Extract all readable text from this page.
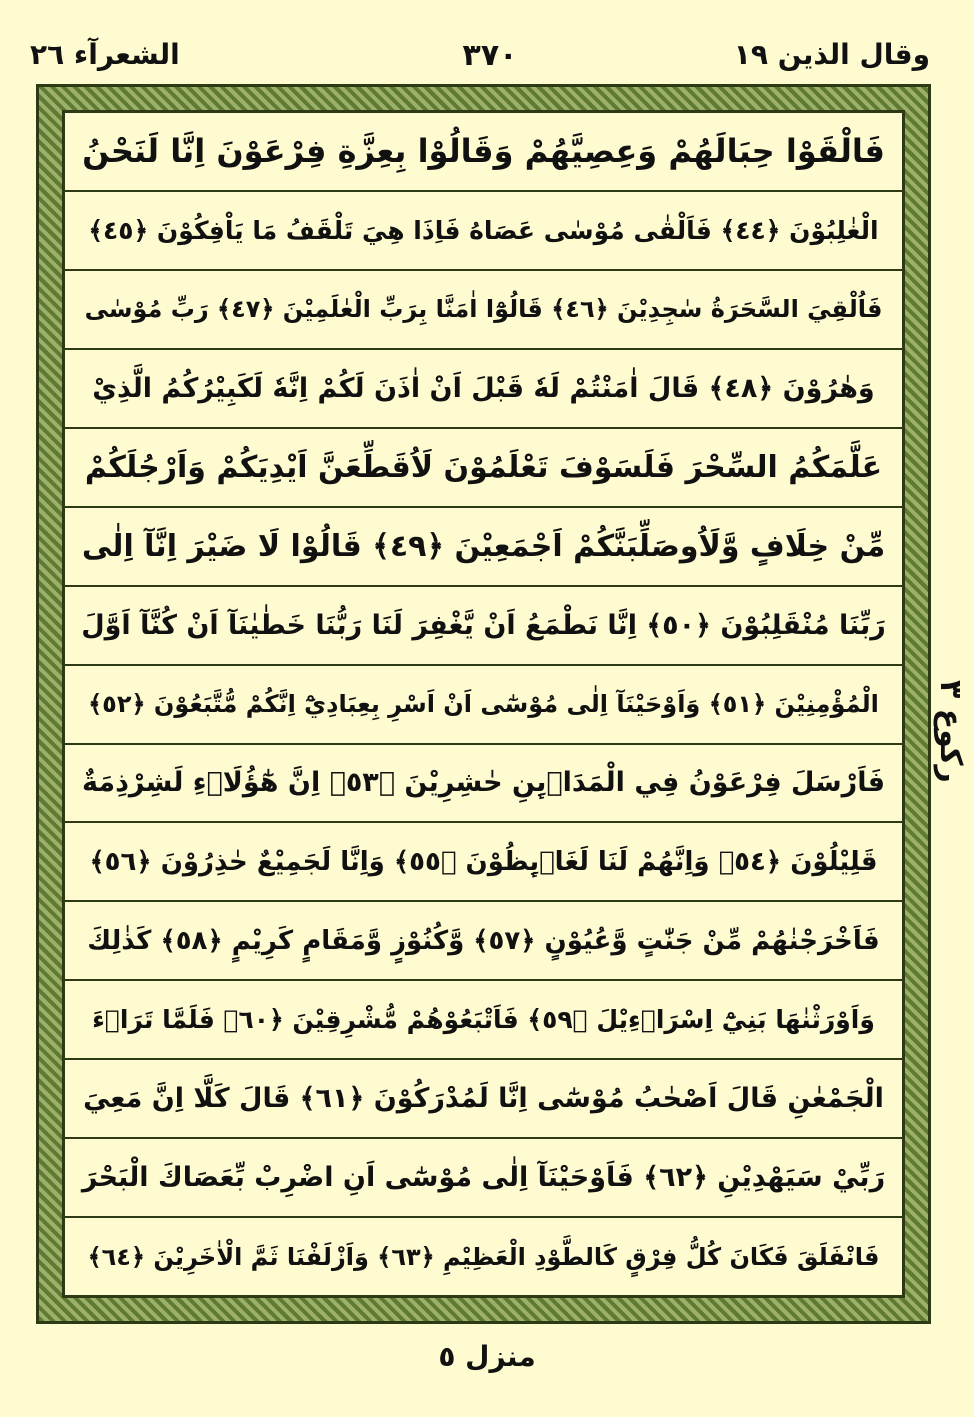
وقال الذين ١٩
٣٧٠
الشعرآء ٢٦
فَالْقَوْا حِبَالَهُمْ وَعِصِيَّهُمْ وَقَالُوْا بِعِزَّةِ فِرْعَوْنَ اِنَّا لَنَحْنُ
الْغٰلِبُوْنَ ﴿٤٤﴾ فَاَلْقٰى مُوْسٰى عَصَاهُ فَاِذَا هِيَ تَلْقَفُ مَا يَاْفِكُوْنَ ﴿٤٥﴾
فَاُلْقِيَ السَّحَرَةُ سٰجِدِيْنَ ﴿٤٦﴾ قَالُوْٓا اٰمَنَّا بِرَبِّ الْعٰلَمِيْنَ ﴿٤٧﴾ رَبِّ مُوْسٰى
وَهٰرُوْنَ ﴿٤٨﴾ قَالَ اٰمَنْتُمْ لَهٗ قَبْلَ اَنْ اٰذَنَ لَكُمْ اِنَّهٗ لَكَبِيْرُكُمُ الَّذِيْ
عَلَّمَكُمُ السِّحْرَ فَلَسَوْفَ تَعْلَمُوْنَ لَاُقَطِّعَنَّ اَيْدِيَكُمْ وَاَرْجُلَكُمْ
مِّنْ خِلَافٍ وَّلَاُوصَلِّبَنَّكُمْ اَجْمَعِيْنَ ﴿٤٩﴾ قَالُوْا لَا ضَيْرَ اِنَّآ اِلٰى
رَبِّنَا مُنْقَلِبُوْنَ ﴿٥٠﴾ اِنَّا نَطْمَعُ اَنْ يَّغْفِرَ لَنَا رَبُّنَا خَطٰيٰنَآ اَنْ كُنَّآ اَوَّلَ
الْمُؤْمِنِيْنَ ﴿٥١﴾ وَاَوْحَيْنَآ اِلٰى مُوْسٰٓى اَنْ اَسْرِ بِعِبَادِيْٓ اِنَّكُمْ مُّتَّبَعُوْنَ ﴿٥٢﴾
فَاَرْسَلَ فِرْعَوْنُ فِي الْمَدَاۗىِٕنِ حٰشِرِيْنَ ﴿٥٣﴾ اِنَّ هٰٓؤُلَاۗءِ لَشِرْذِمَةٌ
قَلِيْلُوْنَ ﴿٥٤﴾ وَاِنَّهُمْ لَنَا لَغَاۗىِٕظُوْنَ ﴿٥٥﴾ وَاِنَّا لَجَمِيْعٌ حٰذِرُوْنَ ﴿٥٦﴾
فَاَخْرَجْنٰهُمْ مِّنْ جَنّٰتٍ وَّعُيُوْنٍ ﴿٥٧﴾ وَّكُنُوْزٍ وَّمَقَامٍ كَرِيْمٍ ﴿٥٨﴾ كَذٰلِكَ
وَاَوْرَثْنٰهَا بَنِيْٓ اِسْرَاۗءِيْلَ ﴿٥٩﴾ فَاَتْبَعُوْهُمْ مُّشْرِقِيْنَ ﴿٦٠﴾ فَلَمَّا تَرَاۗءَ
الْجَمْعٰنِ قَالَ اَصْحٰبُ مُوْسٰٓى اِنَّا لَمُدْرَكُوْنَ ﴿٦١﴾ قَالَ كَلَّا اِنَّ مَعِيَ
رَبِّيْ سَيَهْدِيْنِ ﴿٦٢﴾ فَاَوْحَيْنَآ اِلٰى مُوْسٰٓى اَنِ اضْرِبْ بِّعَصَاكَ الْبَحْرَ
فَانْفَلَقَ فَكَانَ كُلُّ فِرْقٍ كَالطَّوْدِ الْعَظِيْمِ ﴿٦٣﴾ وَاَزْلَفْنَا ثَمَّ الْاٰخَرِيْنَ ﴿٦٤﴾
ركوع ٣
منزل ٥
